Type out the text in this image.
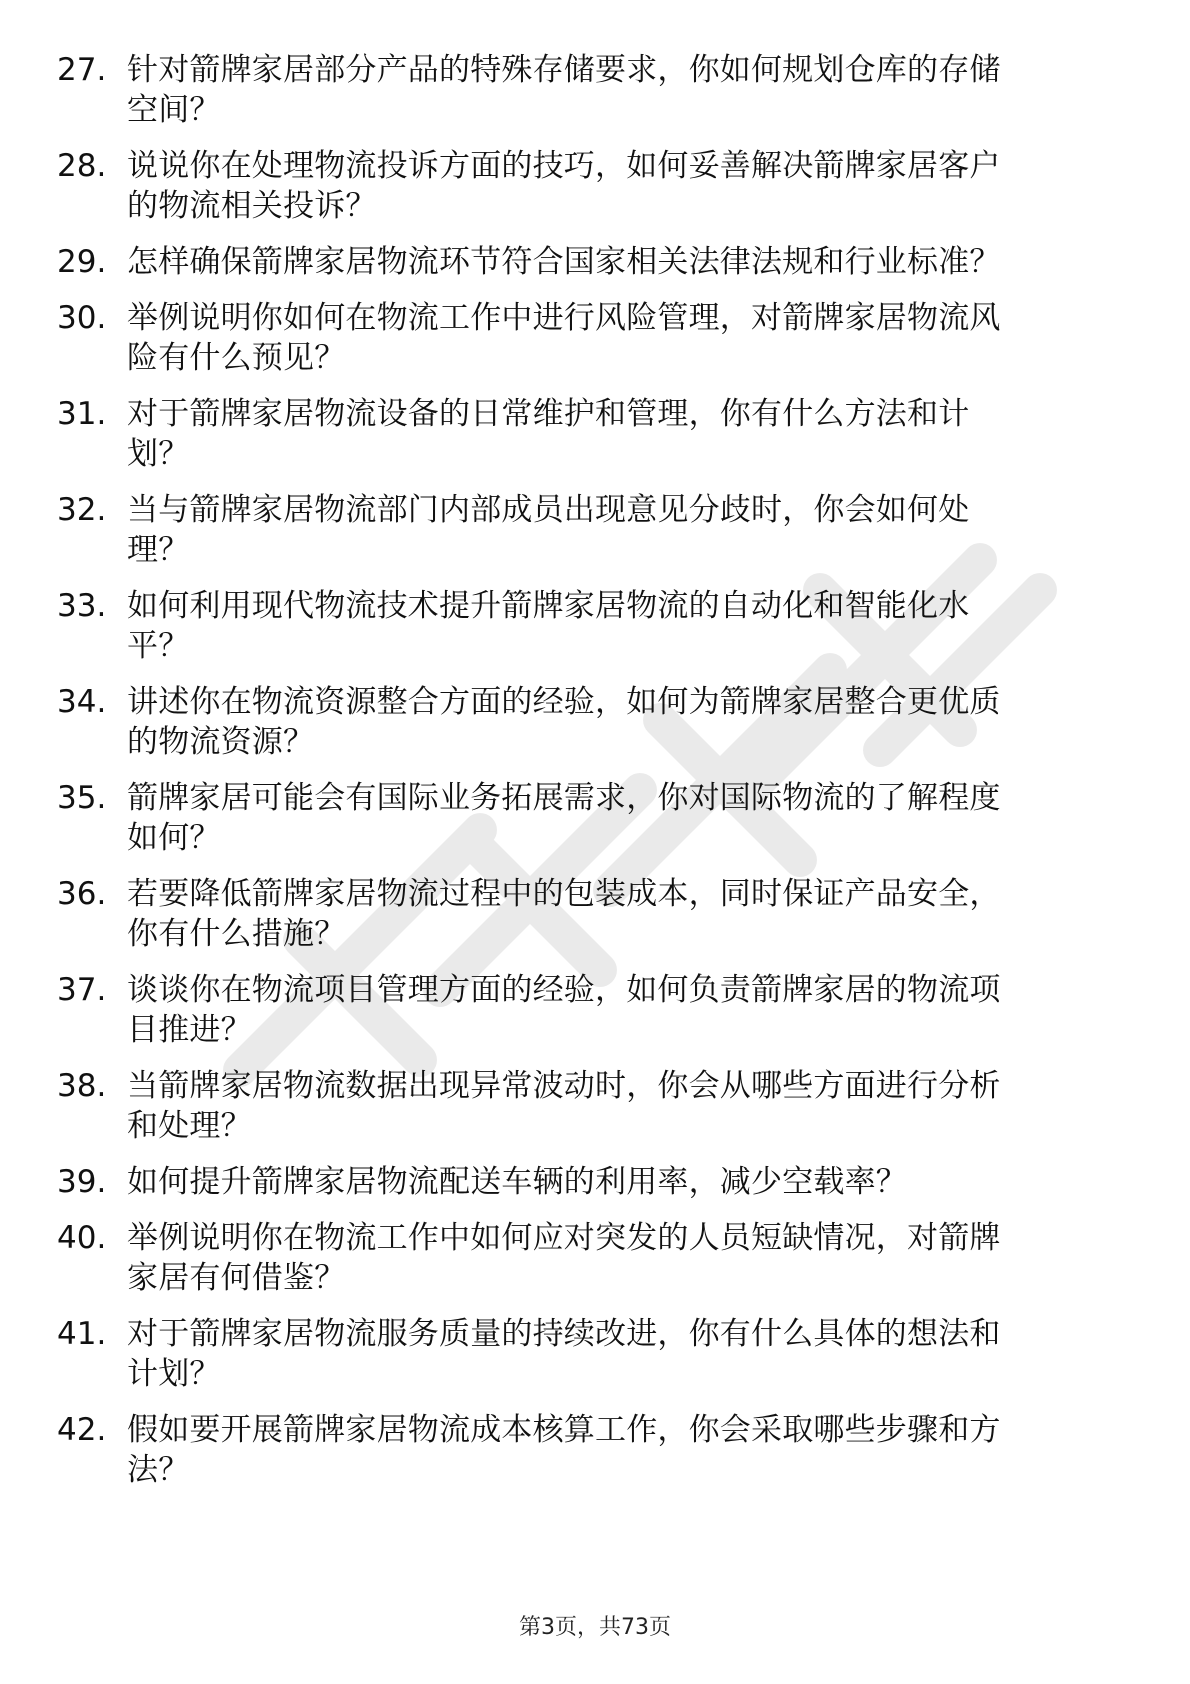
27. 针对箭牌家居部分产品的特殊存储要求，你如何规划仓库的存储
空间？
28. 说说你在处理物流投诉方面的技巧，如何妥善解决箭牌家居客户
的物流相关投诉？
29. 怎样确保箭牌家居物流环节符合国家相关法律法规和行业标准？
30. 举例说明你如何在物流工作中进行风险管理，对箭牌家居物流风
险有什么预见？
31. 对于箭牌家居物流设备的日常维护和管理，你有什么方法和计
划？
32. 当与箭牌家居物流部门内部成员出现意见分歧时，你会如何处
理？
33. 如何利用现代物流技术提升箭牌家居物流的自动化和智能化水
平？
34. 讲述你在物流资源整合方面的经验，如何为箭牌家居整合更优质
的物流资源？
35. 箭牌家居可能会有国际业务拓展需求，你对国际物流的了解程度
如何？
36. 若要降低箭牌家居物流过程中的包装成本，同时保证产品安全，
你有什么措施？
37. 谈谈你在物流项目管理方面的经验，如何负责箭牌家居的物流项
目推进？
38. 当箭牌家居物流数据出现异常波动时，你会从哪些方面进行分析
和处理？
39. 如何提升箭牌家居物流配送车辆的利用率，减少空载率？
40. 举例说明你在物流工作中如何应对突发的人员短缺情况，对箭牌
家居有何借鉴？
41. 对于箭牌家居物流服务质量的持续改进，你有什么具体的想法和
计划？
42. 假如要开展箭牌家居物流成本核算工作，你会采取哪些步骤和方
法？
第3页，共73页
